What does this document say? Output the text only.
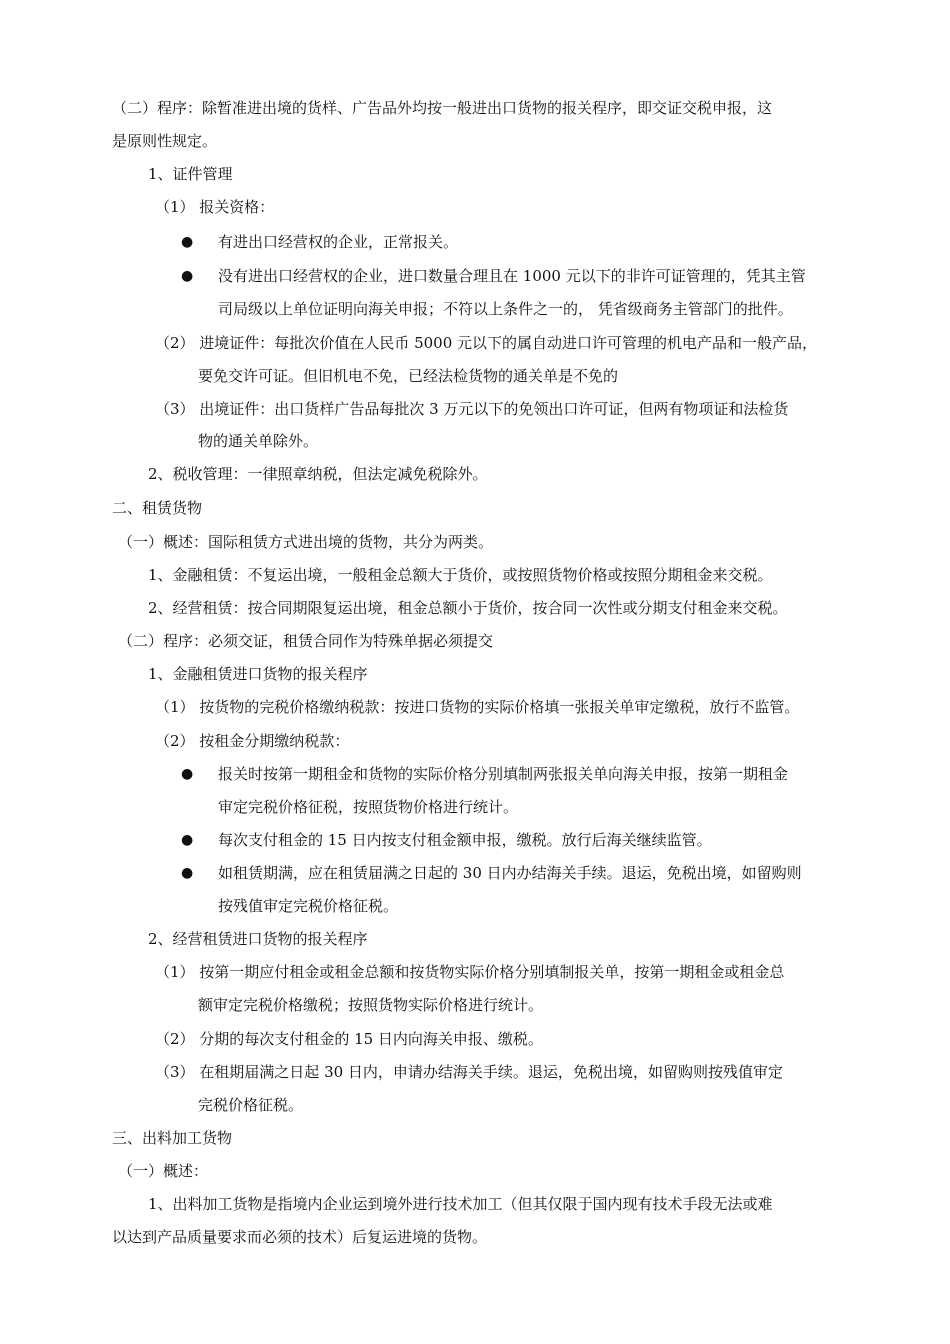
（二）程序：除暂准进出境的货样、广告品外均按一般进出口货物的报关程序，即交证交税申报，这
是原则性规定。
1、证件管理
（1） 报关资格：
● 有进出口经营权的企业，正常报关。
● 没有进出口经营权的企业，进口数量合理且在 1000 元以下的非许可证管理的，凭其主管
司局级以上单位证明向海关申报；不符以上条件之一的， 凭省级商务主管部门的批件。
（2） 进境证件：每批次价值在人民币 5000 元以下的属自动进口许可管理的机电产品和一般产品，
要免交许可证。但旧机电不免，已经法检货物的通关单是不免的
（3） 出境证件：出口货样广告品每批次 3 万元以下的免领出口许可证，但两有物项证和法检货
物的通关单除外。
2、税收管理：一律照章纳税，但法定减免税除外。
二、租赁货物
（一）概述：国际租赁方式进出境的货物，共分为两类。
1、金融租赁：不复运出境，一般租金总额大于货价，或按照货物价格或按照分期租金来交税。
2、经营租赁：按合同期限复运出境，租金总额小于货价，按合同一次性或分期支付租金来交税。
（二）程序：必须交证，租赁合同作为特殊单据必须提交
1、金融租赁进口货物的报关程序
（1） 按货物的完税价格缴纳税款：按进口货物的实际价格填一张报关单审定缴税，放行不监管。
（2） 按租金分期缴纳税款：
● 报关时按第一期租金和货物的实际价格分别填制两张报关单向海关申报，按第一期租金
审定完税价格征税，按照货物价格进行统计。
● 每次支付租金的 15 日内按支付租金额申报，缴税。放行后海关继续监管。
● 如租赁期满，应在租赁届满之日起的 30 日内办结海关手续。退运，免税出境，如留购则
按残值审定完税价格征税。
2、经营租赁进口货物的报关程序
（1） 按第一期应付租金或租金总额和按货物实际价格分别填制报关单，按第一期租金或租金总
额审定完税价格缴税；按照货物实际价格进行统计。
（2） 分期的每次支付租金的 15 日内向海关申报、缴税。
（3） 在租期届满之日起 30 日内，申请办结海关手续。退运，免税出境，如留购则按残值审定
完税价格征税。
三、出料加工货物
（一）概述：
1、出料加工货物是指境内企业运到境外进行技术加工（但其仅限于国内现有技术手段无法或难
以达到产品质量要求而必须的技术）后复运进境的货物。
